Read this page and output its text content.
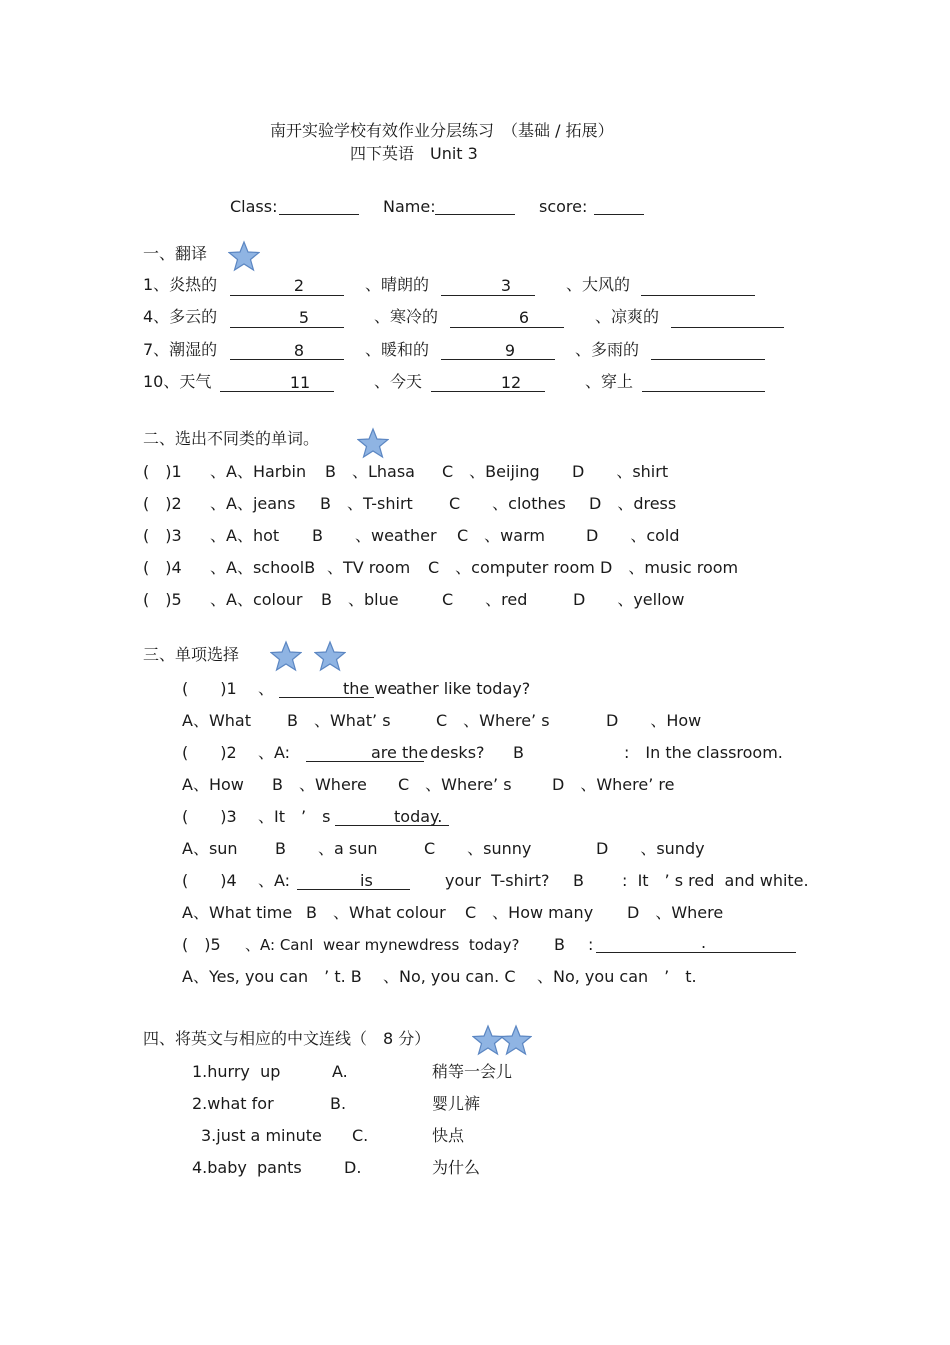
南开实验学校有效作业分层练习　（基础 / 拓展）
四下英语　Unit 3
Class:	Name:	score:
一、翻译
1、炎热的	2	、晴朗的	3	、大风的
4、多云的	5	、寒冷的	6	、凉爽的
7、潮湿的	8	、暖和的	9	、多雨的
10、天气	11	、今天	12	、穿上
二、选出不同类的单词。
(　)1 、A、Harbin B　、Lhasa C　、Beijing D　　、shirt
(　)2 、A、jeans B　、T-shirt C　　、clothes D　、dress
(　)3 、A、hot B　　、weather C　、warm	D　　、cold
(　)4 、A、schoolB 、TV room C　、computer room D　、music room
(　)5 、A、colour B　、blue	C　　、red	D　　、yellow
三、单项选择
(　　)1 、	the we
ather like today?
A、What B　、What’ s	C　、Where’ s	D　　、How
(　　)2 、A:	are the
desks? B	:　In the classroom.
A、How B　、Where C　、Where’ s	D　、Where’ re
(　　)3 、It　’　s	today.
A、sun B　　、a sun	C　　、sunny	D　　、sundy
(　　)4 、A:	is	your  T-shirt? B :  It　’ s red  and white.
A、What time B　、What colour C　、How many D　、Where
(　)5 、A: CanI  wear mynewdress  today? B :	.
A、Yes, you can　’ t. B 、No, you can. C 、No, you can　’　t.
四、将英文与相应的中文连线（　8 分）
1.hurry  up	A.	稍等一会儿
2.what for	B.	婴儿裤
3.just a minute C.	快点
4.baby  pants	D.	为什么
